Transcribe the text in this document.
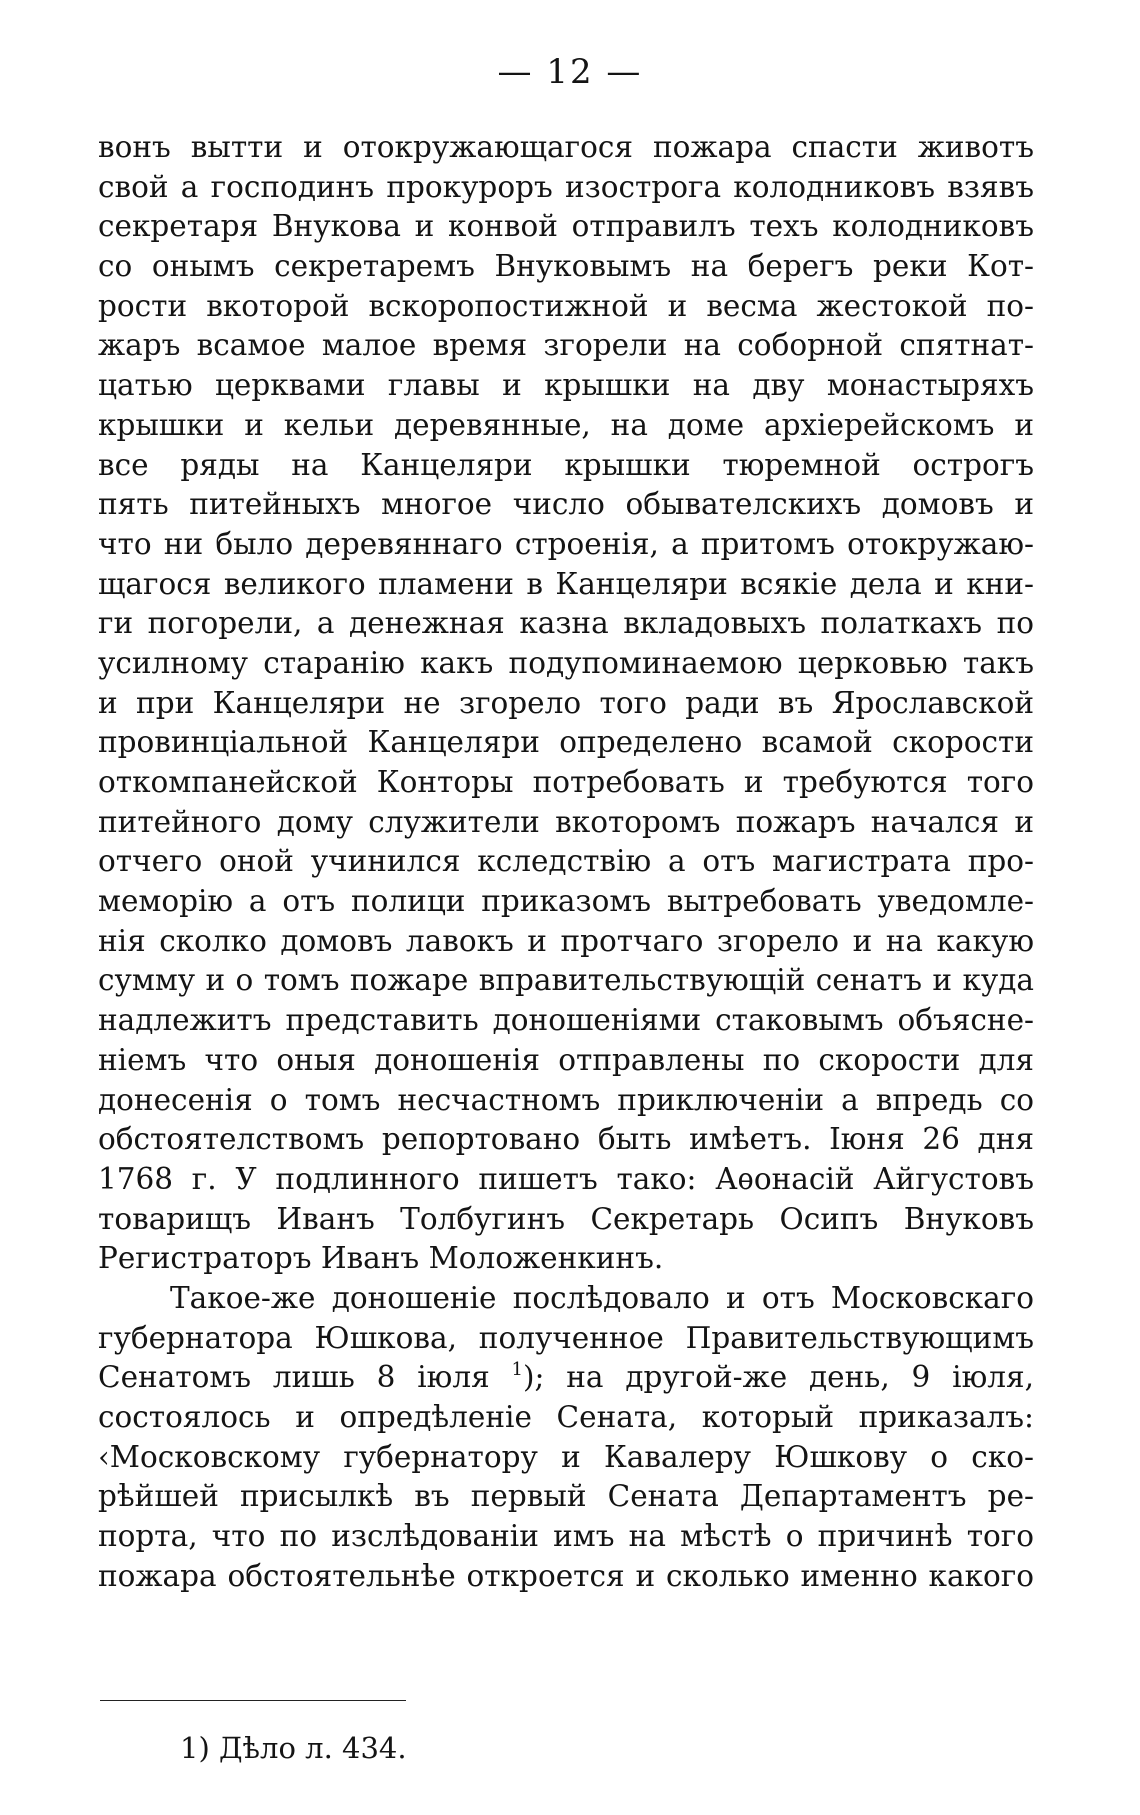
— 12 —
вонъ вытти и отокружающагося пожара спасти животъ
свой а господинъ прокуроръ изострога колодниковъ взявъ
секретаря Внукова и конвой отправилъ техъ колодниковъ
со онымъ секретаремъ Внуковымъ на берегъ реки Кот-
рости вкоторой вскоропостижной и весма жестокой по-
жаръ всамое малое время згорели на соборной спятнат-
цатью церквами главы и крышки на дву монастыряхъ
крышки и кельи деревянные, на доме архiерейскомъ и
все ряды на Канцеляри крышки тюремной острогъ
пять питейныхъ многое число обывателскихъ домовъ и
что ни было деревяннаго строенiя, а притомъ отокружаю-
щагося великого пламени в Канцеляри всякiе дела и кни-
ги погорели, а денежная казна вкладовыхъ полаткахъ по
усилному старанiю какъ подупоминаемою церковью такъ
и при Канцеляри не згорело того ради въ Ярославской
провинцiальной Канцеляри определено всамой скорости
откомпанейской Конторы потребовать и требуются того
питейного дому служители вкоторомъ пожаръ начался и
отчего оной учинился кследствiю а отъ магистрата про-
меморiю а отъ полици приказомъ вытребовать уведомле-
нiя сколко домовъ лавокъ и протчаго згорело и на какую
сумму и о томъ пожаре вправительствующiй сенатъ и куда
надлежитъ представить доношенiями стаковымъ объясне-
нiемъ что оныя доношенiя отправлены по скорости для
донесенiя о томъ несчастномъ приключенiи а впредь со
обстоятелствомъ репортовано быть имѣетъ. Iюня 26 дня
1768 г. У подлинного пишетъ тако: Аѳонасiй Айгустовъ
товарищъ Иванъ Толбугинъ Секретарь Осипъ Внуковъ
Регистраторъ Иванъ Моложенкинъ.
Такое-же доношенiе послѣдовало и отъ Московскаго
губернатора Юшкова, полученное Правительствующимъ
Сенатомъ лишь 8 iюля $^1$); на другой-же день, 9 iюля,
состоялось и опредѣленiе Сената, который приказалъ:
‹Московскому губернатору и Кавалеру Юшкову о ско-
рѣйшей присылкѣ въ первый Сената Департаментъ ре-
порта, что по изслѣдованiи имъ на мѣстѣ о причинѣ того
пожара обстоятельнѣе откроется и сколько именно какого
1) Дѣло л. 434.
